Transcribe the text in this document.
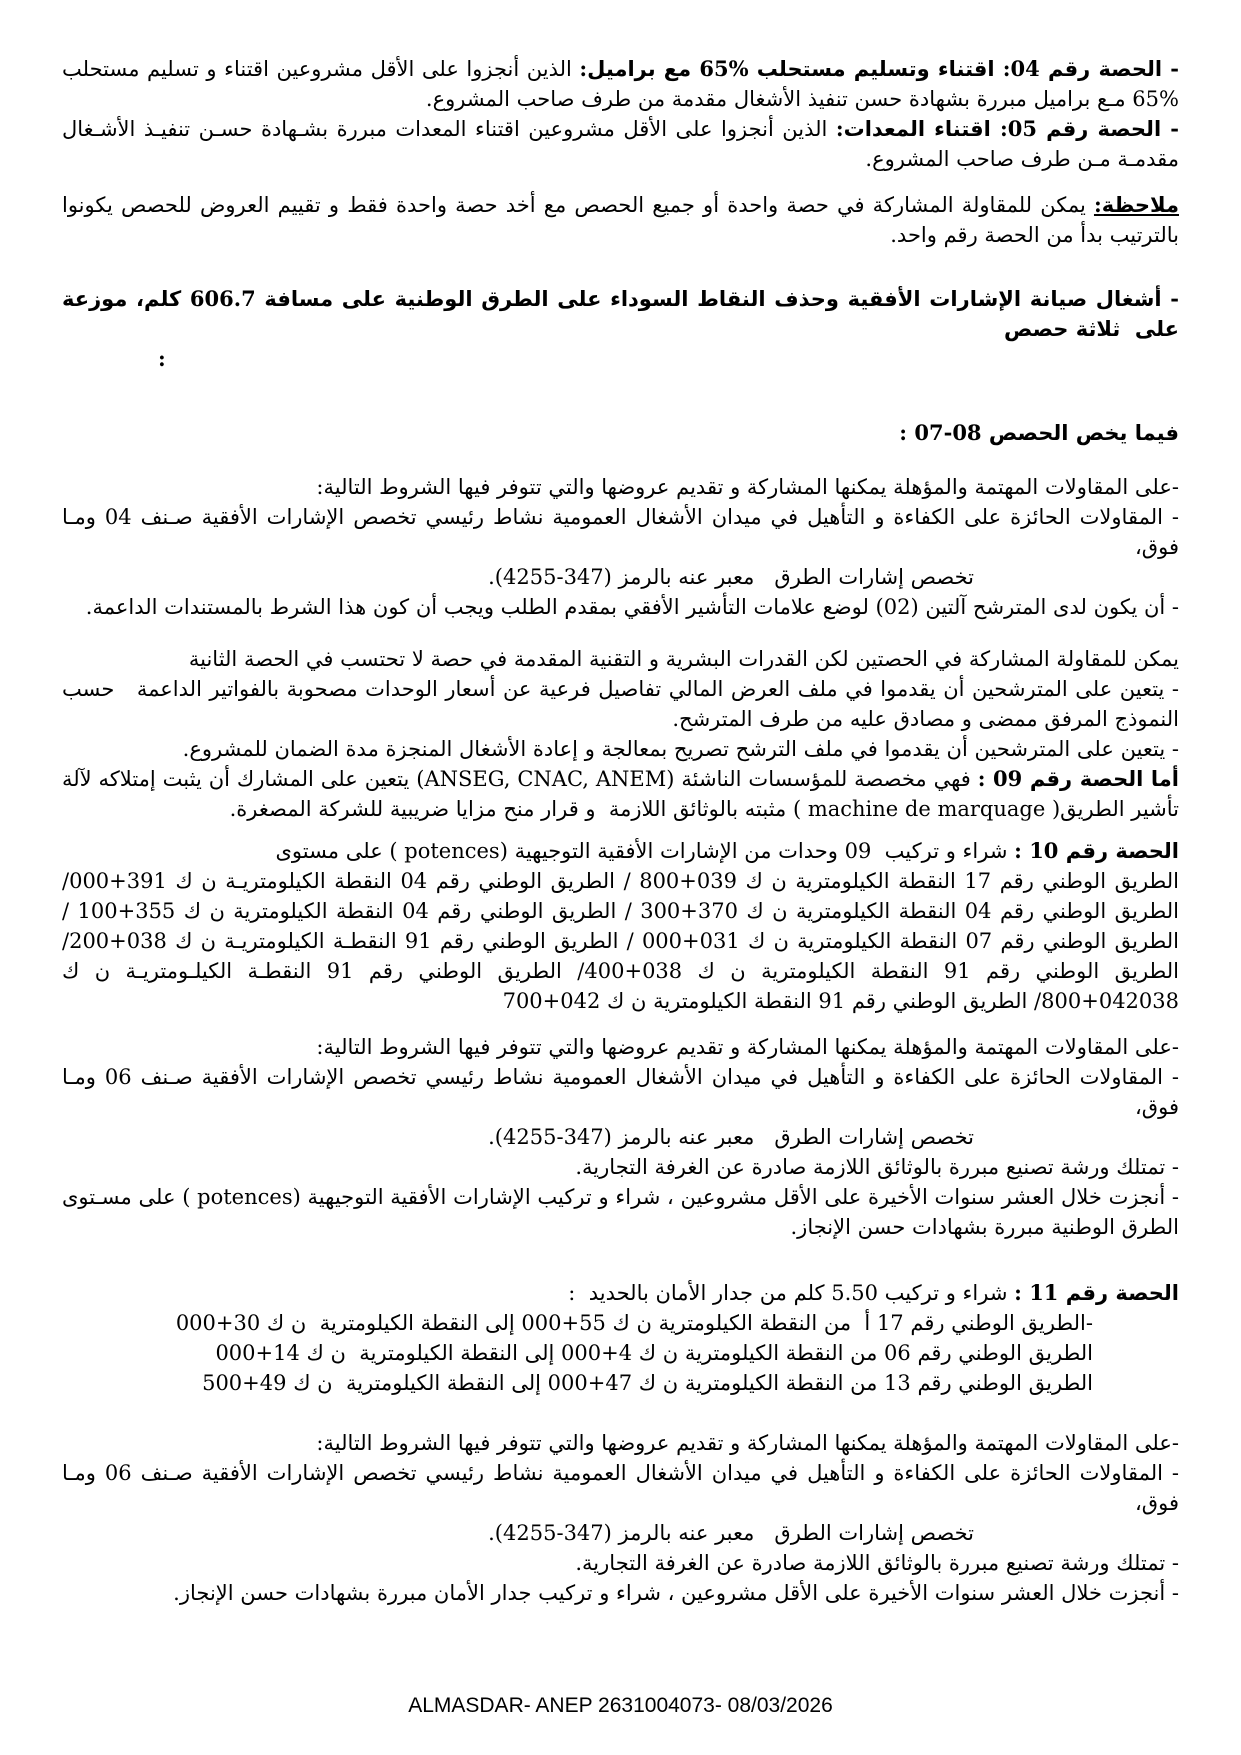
- الحصة رقم 04: اقتناء وتسليم مستحلب %65 مع براميل: الذين أنجزوا على الأقل مشروعين اقتناء و تسليم مستحلب %65 مـع براميل مبررة بشهادة حسن تنفيذ الأشغال مقدمة من طرف صاحب المشروع.

- الحصة رقم 05: اقتناء المعدات: الذين أنجزوا على الأقل مشروعين اقتناء المعدات مبررة بشـهادة حسـن تنفيـذ الأشـغال مقدمـة مـن طرف صاحب المشروع.

ملاحظة: يمكن للمقاولة المشاركة في حصة واحدة أو جميع الحصص مع أخد حصة واحدة فقط و تقييم العروض للحصص يكونوا بالترتيب بدأ من الحصة رقم واحد.

- أشغال صيانة الإشارات الأفقية وحذف النقاط السوداء على الطرق الوطنية على مسافة 606.7 كلم، موزعة على  ثلاثة حصص

:

فيما يخص الحصص 08-07 :

-على المقاولات المهتمة والمؤهلة يمكنها المشاركة و تقديم عروضها والتي تتوفر فيها الشروط التالية:

- المقاولات الحائزة على الكفاءة و التأهيل في ميدان الأشغال العمومية نشاط رئيسي تخصص الإشارات الأفقية صـنف 04 ومـا فوق،

تخصص إشارات الطرق   معبر عنه بالرمز (347-4255).

- أن يكون لدى المترشح آلتين (02) لوضع علامات التأشير الأفقي بمقدم الطلب ويجب أن كون هذا الشرط بالمستندات الداعمة.

يمكن للمقاولة المشاركة في الحصتين لكن القدرات البشرية و التقنية المقدمة في حصة لا تحتسب في الحصة الثانية

- يتعين على المترشحين أن يقدموا في ملف العرض المالي تفاصيل فرعية عن أسعار الوحدات مصحوبة بالفواتير الداعمة   حسب النموذج المرفق ممضى و مصادق عليه من طرف المترشح.

- يتعين على المترشحين أن يقدموا في ملف الترشح تصريح بمعالجة و إعادة الأشغال المنجزة مدة الضمان للمشروع.

أما الحصة رقم 09 : فهي مخصصة للمؤسسات الناشئة (ANSEG, CNAC, ANEM) يتعين على المشارك أن يثبت إمتلاكه لآلة تأشير الطريق( machine de marquage ) مثبته بالوثائق اللازمة  و قرار منح مزايا ضريبية للشركة المصغرة.

الحصة رقم 10 : شراء و تركيب  09 وحدات من الإشارات الأفقية التوجيهية (potences ) على مستوى

الطريق الوطني رقم 17 النقطة الكيلومترية ن ك 039+800 / الطريق الوطني رقم 04 النقطة الكيلومتريـة ن ك 391+000/الطريق الوطني رقم 04 النقطة الكيلومترية ن ك 370+300 / الطريق الوطني رقم 04 النقطة الكيلومترية ن ك 355+100 / الطريق الوطني رقم 07 النقطة الكيلومترية ن ك 031+000 / الطريق الوطني رقم 91 النقطـة الكيلومتريـة ن ك 038+200/ الطريق الوطني رقم 91 النقطة الكيلومترية ن ك 038+400/ الطريق الوطني رقم 91 النقطـة الكيلـومتريـة ن ك 042038+800/ الطريق الوطني رقم 91 النقطة الكيلومترية ن ك 042+700

-على المقاولات المهتمة والمؤهلة يمكنها المشاركة و تقديم عروضها والتي تتوفر فيها الشروط التالية:

- المقاولات الحائزة على الكفاءة و التأهيل في ميدان الأشغال العمومية نشاط رئيسي تخصص الإشارات الأفقية صـنف 06 ومـا فوق،

تخصص إشارات الطرق   معبر عنه بالرمز (347-4255).

- تمتلك ورشة تصنيع مبررة بالوثائق اللازمة صادرة عن الغرفة التجارية.

- أنجزت خلال العشر سنوات الأخيرة على الأقل مشروعين ، شراء و تركيب الإشارات الأفقية التوجيهية (potences ) على مسـتوى الطرق الوطنية مبررة بشهادات حسن الإنجاز.

الحصة رقم 11 : شراء و تركيب 5.50 كلم من جدار الأمان بالحديد  :

-الطريق الوطني رقم 17 أ  من النقطة الكيلومترية ن ك 55+000 إلى النقطة الكيلومترية  ن ك 30+000

الطريق الوطني رقم 06 من النقطة الكيلومترية ن ك 4+000 إلى النقطة الكيلومترية  ن ك 14+000

الطريق الوطني رقم 13 من النقطة الكيلومترية ن ك 47+000 إلى النقطة الكيلومترية  ن ك 49+500

-على المقاولات المهتمة والمؤهلة يمكنها المشاركة و تقديم عروضها والتي تتوفر فيها الشروط التالية:

- المقاولات الحائزة على الكفاءة و التأهيل في ميدان الأشغال العمومية نشاط رئيسي تخصص الإشارات الأفقية صـنف 06 ومـا فوق،

تخصص إشارات الطرق   معبر عنه بالرمز (347-4255).

- تمتلك ورشة تصنيع مبررة بالوثائق اللازمة صادرة عن الغرفة التجارية.

- أنجزت خلال العشر سنوات الأخيرة على الأقل مشروعين ، شراء و تركيب جدار الأمان مبررة بشهادات حسن الإنجاز.

ALMASDAR- ANEP 2631004073- 08/03/2026
